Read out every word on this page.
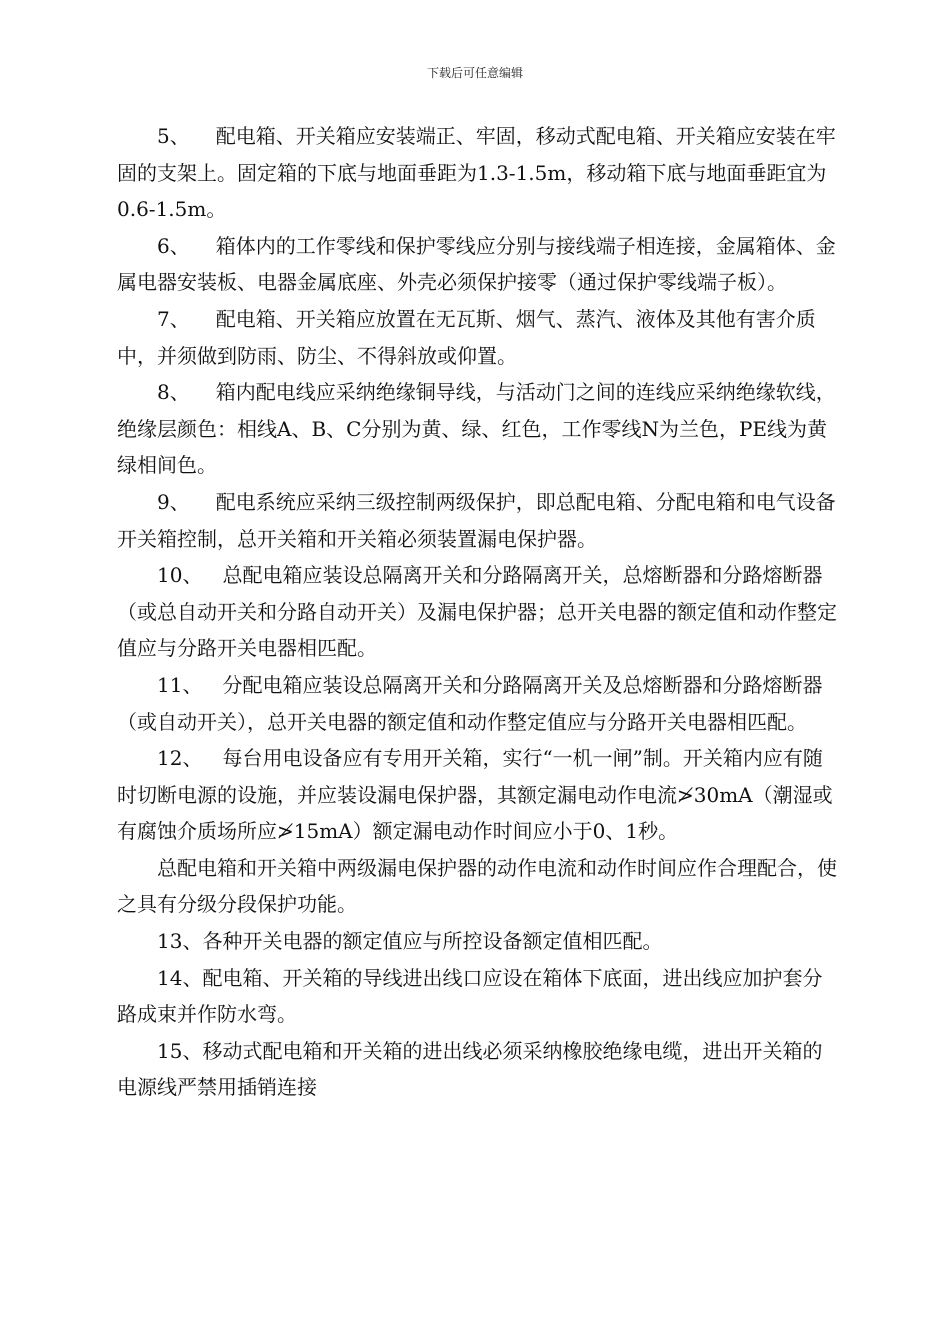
下载后可任意编辑

5、 配电箱、开关箱应安装端正、牢固，移动式配电箱、开关箱应安装在牢固的支架上。固定箱的下底与地面垂距为1.3-1.5m，移动箱下底与地面垂距宜为0.6-1.5m。

6、 箱体内的工作零线和保护零线应分别与接线端子相连接，金属箱体、金属电器安装板、电器金属底座、外壳必须保护接零（通过保护零线端子板）。

7、 配电箱、开关箱应放置在无瓦斯、烟气、蒸汽、液体及其他有害介质中，并须做到防雨、防尘、不得斜放或仰置。

8、 箱内配电线应采纳绝缘铜导线，与活动门之间的连线应采纳绝缘软线，绝缘层颜色：相线A、B、C分别为黄、绿、红色，工作零线N为兰色，PE线为黄绿相间色。

9、 配电系统应采纳三级控制两级保护，即总配电箱、分配电箱和电气设备开关箱控制，总开关箱和开关箱必须装置漏电保护器。

10、 总配电箱应装设总隔离开关和分路隔离开关，总熔断器和分路熔断器（或总自动开关和分路自动开关）及漏电保护器；总开关电器的额定值和动作整定值应与分路开关电器相匹配。

11、 分配电箱应装设总隔离开关和分路隔离开关及总熔断器和分路熔断器（或自动开关），总开关电器的额定值和动作整定值应与分路开关电器相匹配。

12、 每台用电设备应有专用开关箱，实行“一机一闸”制。开关箱内应有随时切断电源的设施，并应装设漏电保护器，其额定漏电动作电流≯30mA（潮湿或有腐蚀介质场所应≯15mA）额定漏电动作时间应小于0、1秒。

总配电箱和开关箱中两级漏电保护器的动作电流和动作时间应作合理配合，使之具有分级分段保护功能。

13、各种开关电器的额定值应与所控设备额定值相匹配。

14、配电箱、开关箱的导线进出线口应设在箱体下底面，进出线应加护套分路成束并作防水弯。

15、移动式配电箱和开关箱的进出线必须采纳橡胶绝缘电缆，进出开关箱的电源线严禁用插销连接
